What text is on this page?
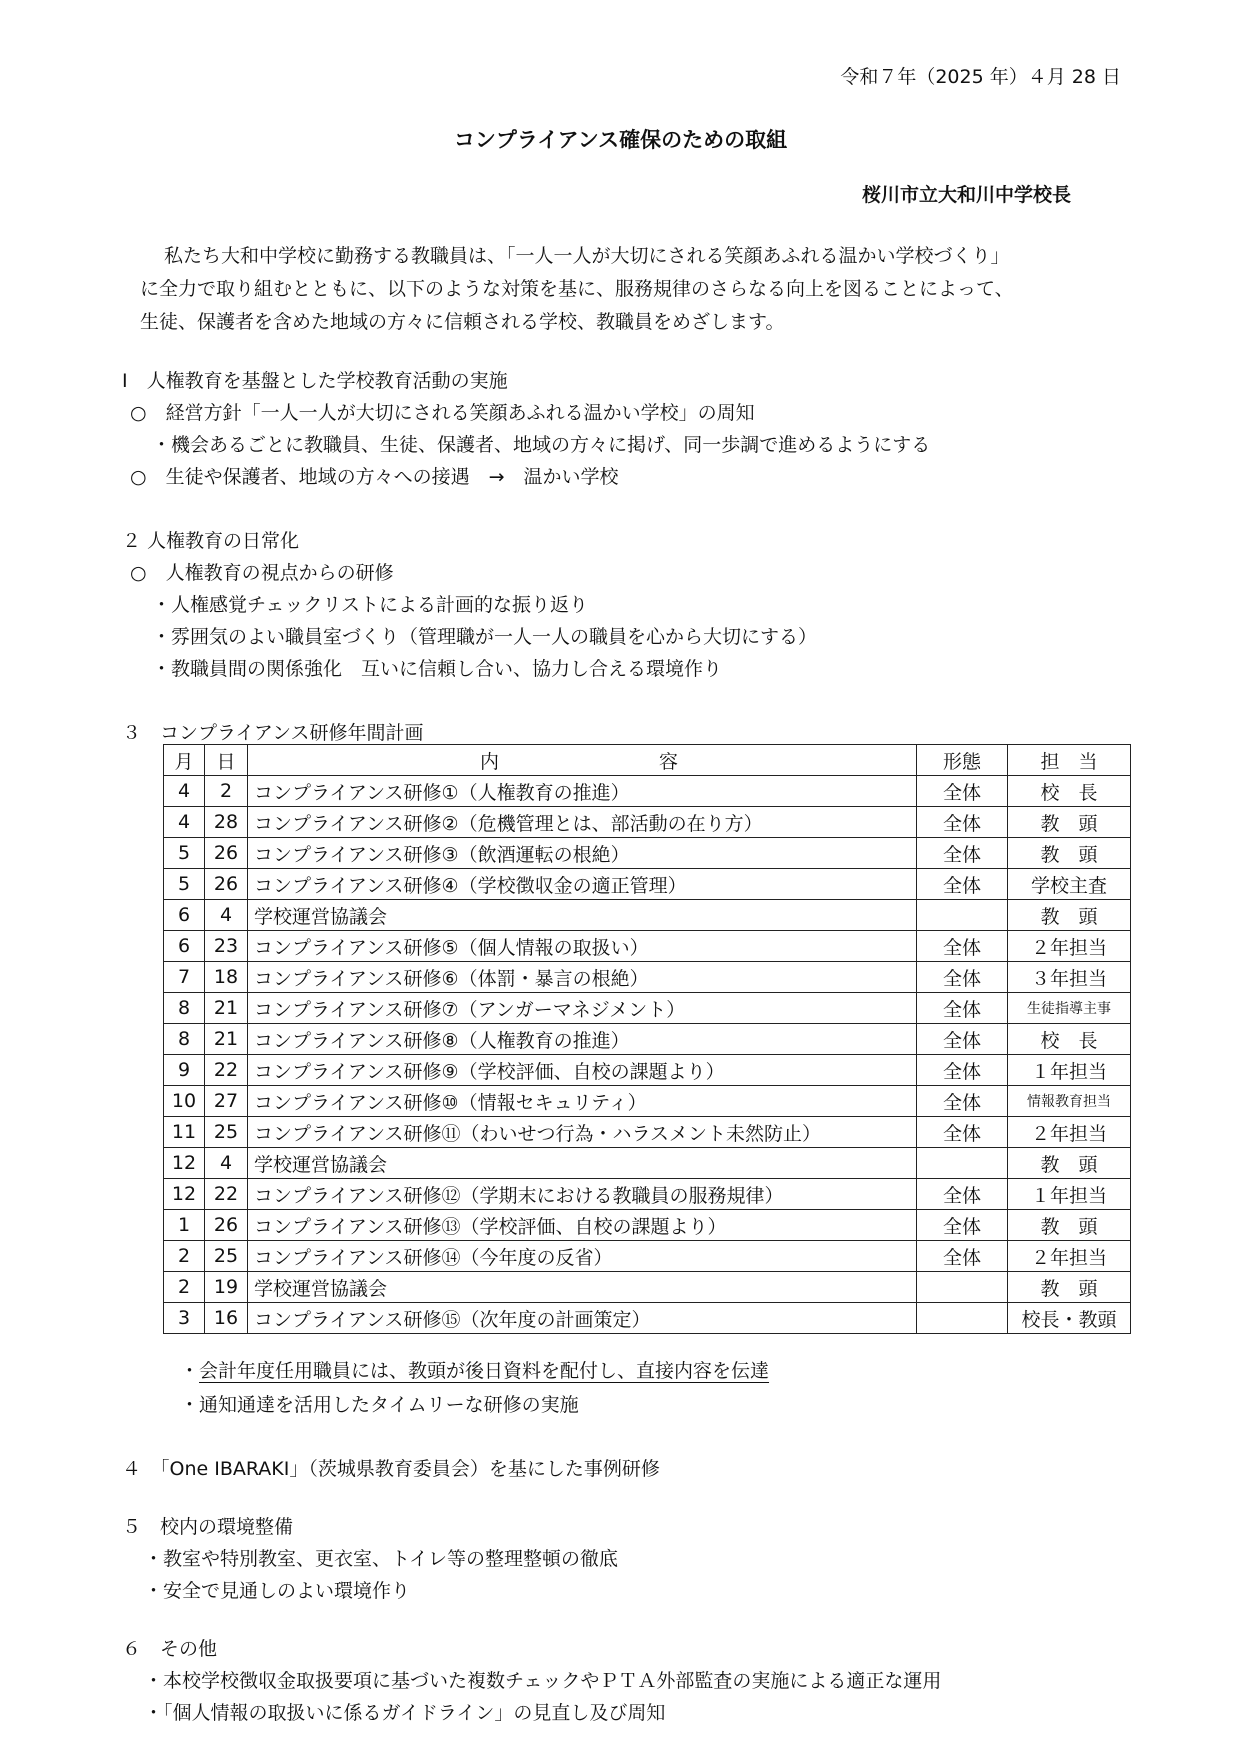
令和７年（2025 年）４月 28 日
コンプライアンス確保のための取組
桜川市立大和川中学校長

私たち大和中学校に勤務する教職員は、「一人一人が大切にされる笑顔あふれる温かい学校づくり」

に全力で取り組むとともに、以下のような対策を基に、服務規律のさらなる向上を図ることによって、

生徒、保護者を含めた地域の方々に信頼される学校、教職員をめざします。

Ⅰ　人権教育を基盤とした学校教育活動の実施
○　経営方針「一人一人が大切にされる笑顔あふれる温かい学校」の周知
・機会あるごとに教職員、生徒、保護者、地域の方々に掲げ、同一歩調で進めるようにする
○　生徒や保護者、地域の方々への接遇　→　温かい学校
２ 人権教育の日常化
○　人権教育の視点からの研修
・人権感覚チェックリストによる計画的な振り返り
・雰囲気のよい職員室づくり（管理職が一人一人の職員を心から大切にする）
・教職員間の関係強化　互いに信頼し合い、協力し合える環境作り
３　コンプライアンス研修年間計画
月	日	内容	形態	担　当
4	2	コンプライアンス研修①（人権教育の推進）	全体	校　長
4	28	コンプライアンス研修②（危機管理とは、部活動の在り方）	全体	教　頭
5	26	コンプライアンス研修③（飲酒運転の根絶）	全体	教　頭
5	26	コンプライアンス研修④（学校徴収金の適正管理）	全体	学校主査
6	4	学校運営協議会		教　頭
6	23	コンプライアンス研修⑤（個人情報の取扱い）	全体	２年担当
7	18	コンプライアンス研修⑥（体罰・暴言の根絶）	全体	３年担当
8	21	コンプライアンス研修⑦（アンガーマネジメント）	全体	生徒指導主事
8	21	コンプライアンス研修⑧（人権教育の推進）	全体	校　長
9	22	コンプライアンス研修⑨（学校評価、自校の課題より）	全体	１年担当
10	27	コンプライアンス研修⑩（情報セキュリティ）	全体	情報教育担当
11	25	コンプライアンス研修⑪（わいせつ行為・ハラスメント未然防止）	全体	２年担当
12	4	学校運営協議会		教　頭
12	22	コンプライアンス研修⑫（学期末における教職員の服務規律）	全体	１年担当
1	26	コンプライアンス研修⑬（学校評価、自校の課題より）	全体	教　頭
2	25	コンプライアンス研修⑭（今年度の反省）	全体	２年担当
2	19	学校運営協議会		教　頭
3	16	コンプライアンス研修⑮（次年度の計画策定）		校長・教頭
・会計年度任用職員には、教頭が後日資料を配付し、直接内容を伝達
・通知通達を活用したタイムリーな研修の実施
４　「One IBARAKI」（茨城県教育委員会）を基にした事例研修
５　校内の環境整備
・教室や特別教室、更衣室、トイレ等の整理整頓の徹底
・安全で見通しのよい環境作り
６　その他
・本校学校徴収金取扱要項に基づいた複数チェックやＰＴＡ外部監査の実施による適正な運用
・「個人情報の取扱いに係るガイドライン」の見直し及び周知
